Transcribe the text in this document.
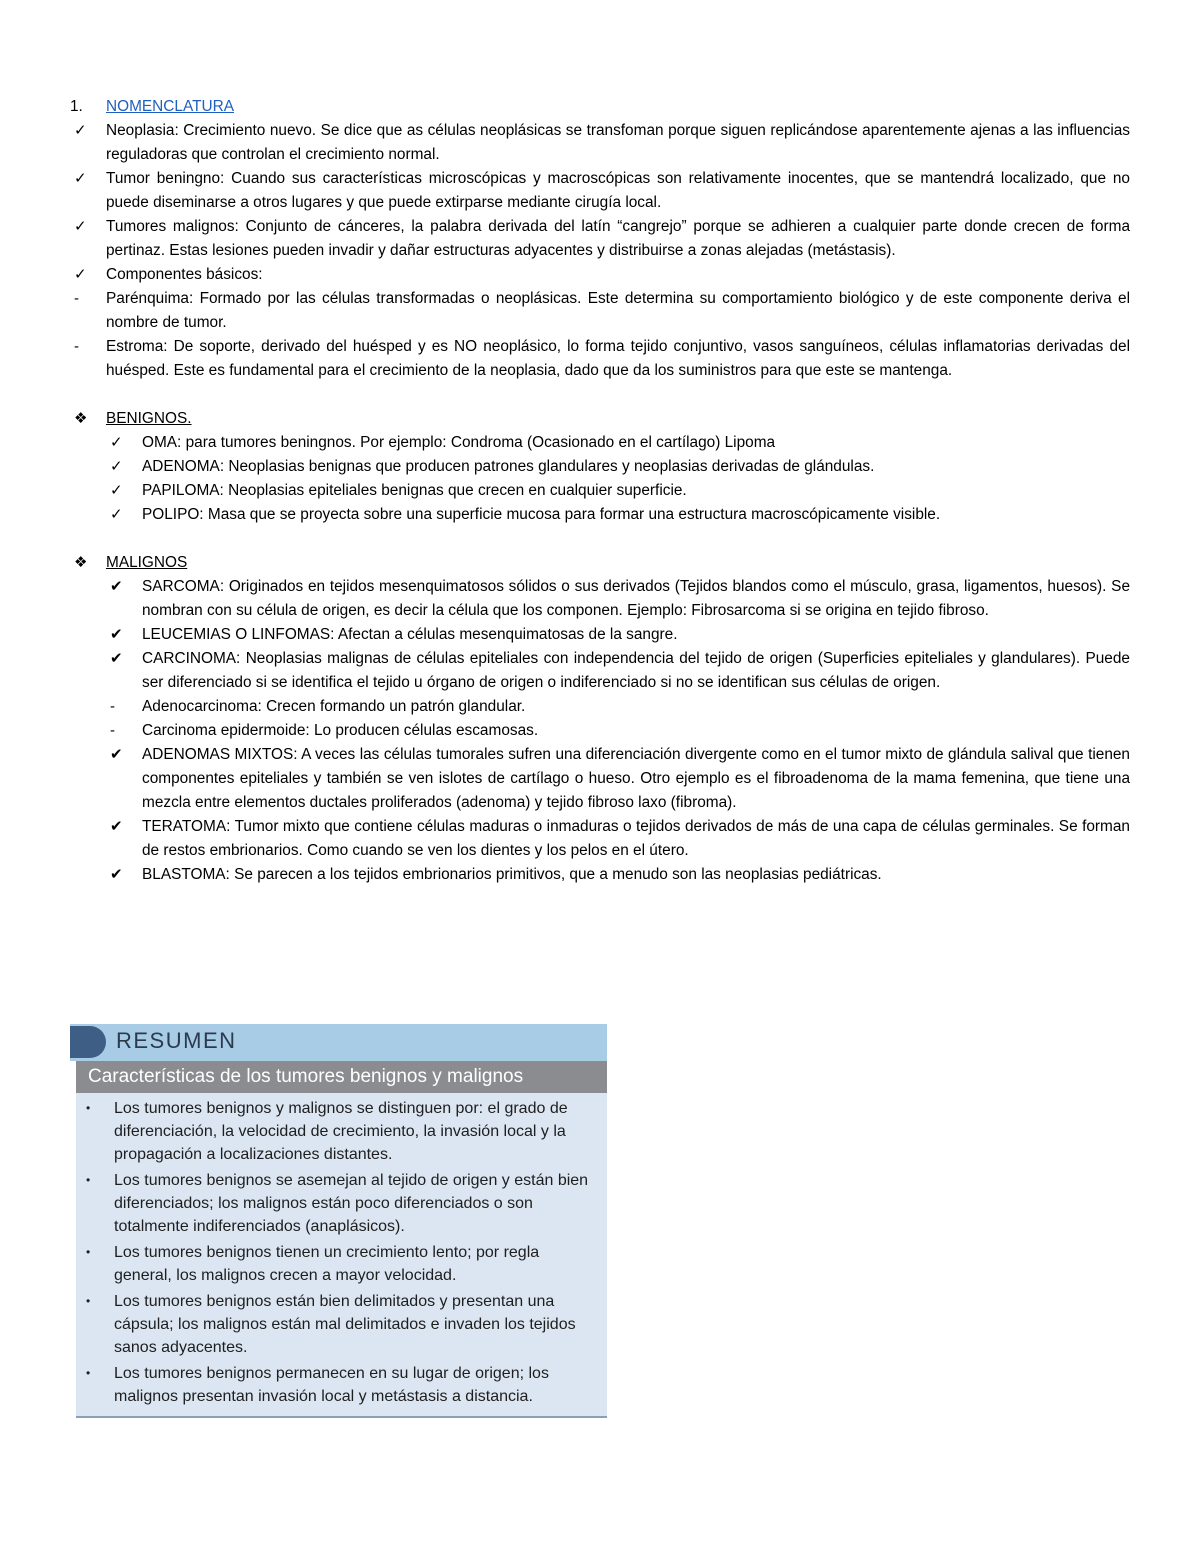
1. NOMENCLATURA
✓ Neoplasia: Crecimiento nuevo. Se dice que as células neoplásicas se transfoman porque siguen replicándose aparentemente ajenas a las influencias reguladoras que controlan el crecimiento normal.
✓ Tumor beningno: Cuando sus características microscópicas y macroscópicas son relativamente inocentes, que se mantendrá localizado, que no puede diseminarse a otros lugares y que puede extirparse mediante cirugía local.
✓ Tumores malignos: Conjunto de cánceres, la palabra derivada del latín “cangrejo” porque se adhieren a cualquier parte donde crecen de forma pertinaz. Estas lesiones pueden invadir y dañar estructuras adyacentes y distribuirse a zonas alejadas (metástasis).
✓ Componentes básicos:
- Parénquima: Formado por las células transformadas o neoplásicas. Este determina su comportamiento biológico y de este componente deriva el nombre de tumor.
- Estroma: De soporte, derivado del huésped y es NO neoplásico, lo forma tejido conjuntivo, vasos sanguíneos, células inflamatorias derivadas del huésped. Este es fundamental para el crecimiento de la neoplasia, dado que da los suministros para que este se mantenga.
❖ BENIGNOS.
✓ OMA: para tumores beningnos. Por ejemplo: Condroma (Ocasionado en el cartílago) Lipoma
✓ ADENOMA: Neoplasias benignas que producen patrones glandulares y neoplasias derivadas de glándulas.
✓ PAPILOMA: Neoplasias epiteliales benignas que crecen en cualquier superficie.
✓ POLIPO: Masa que se proyecta sobre una superficie mucosa para formar una estructura macroscópicamente visible.
❖ MALIGNOS
✔ SARCOMA: Originados en tejidos mesenquimatosos sólidos o sus derivados (Tejidos blandos como el músculo, grasa, ligamentos, huesos). Se nombran con su célula de origen, es decir la célula que los componen. Ejemplo: Fibrosarcoma si se origina en tejido fibroso.
✔ LEUCEMIAS O LINFOMAS: Afectan a células mesenquimatosas de la sangre.
✔ CARCINOMA: Neoplasias malignas de células epiteliales con independencia del tejido de origen (Superficies epiteliales y glandulares). Puede ser diferenciado si se identifica el tejido u órgano de origen o indiferenciado si no se identifican sus células de origen.
- Adenocarcinoma: Crecen formando un patrón glandular.
- Carcinoma epidermoide: Lo producen células escamosas.
✔ ADENOMAS MIXTOS: A veces las células tumorales sufren una diferenciación divergente como en el tumor mixto de glándula salival que tienen componentes epiteliales y también se ven islotes de cartílago o hueso. Otro ejemplo es el fibroadenoma de la mama femenina, que tiene una mezcla entre elementos ductales proliferados (adenoma) y tejido fibroso laxo (fibroma).
✔ TERATOMA: Tumor mixto que contiene células maduras o inmaduras o tejidos derivados de más de una capa de células germinales. Se forman de restos embrionarios. Como cuando se ven los dientes y los pelos en el útero.
✔ BLASTOMA: Se parecen a los tejidos embrionarios primitivos, que a menudo son las neoplasias pediátricas.
RESUMEN
Características de los tumores benignos y malignos
• Los tumores benignos y malignos se distinguen por: el grado de diferenciación, la velocidad de crecimiento, la invasión local y la propagación a localizaciones distantes.
• Los tumores benignos se asemejan al tejido de origen y están bien diferenciados; los malignos están poco diferenciados o son totalmente indiferenciados (anaplásicos).
• Los tumores benignos tienen un crecimiento lento; por regla general, los malignos crecen a mayor velocidad.
• Los tumores benignos están bien delimitados y presentan una cápsula; los malignos están mal delimitados e invaden los tejidos sanos adyacentes.
• Los tumores benignos permanecen en su lugar de origen; los malignos presentan invasión local y metástasis a distancia.
